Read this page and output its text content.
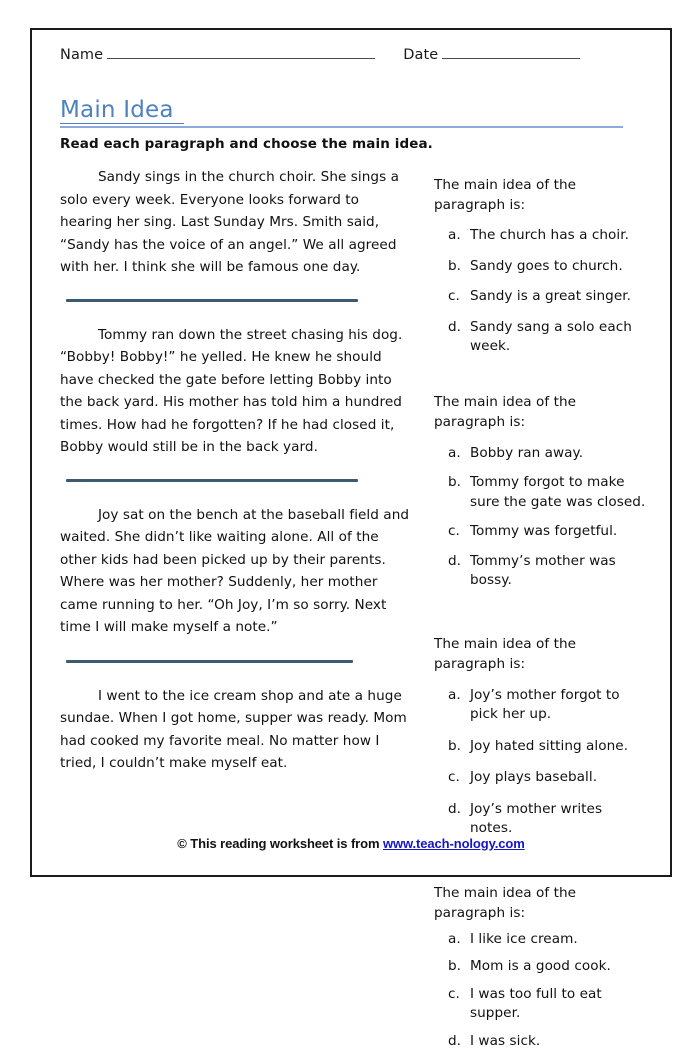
Name	Date
Main Idea
Read each paragraph and choose the main idea.
Sandy sings in the church choir. She sings a solo every week. Everyone looks forward to hearing her sing. Last Sunday Mrs. Smith said, “Sandy has the voice of an angel.” We all agreed with her. I think she will be famous one day.
Tommy ran down the street chasing his dog. “Bobby! Bobby!” he yelled. He knew he should have checked the gate before letting Bobby into the back yard. His mother has told him a hundred times. How had he forgotten? If he had closed it, Bobby would still be in the back yard.
Joy sat on the bench at the baseball field and waited. She didn’t like waiting alone. All of the other kids had been picked up by their parents. Where was her mother? Suddenly, her mother came running to her. “Oh Joy, I’m so sorry. Next time I will make myself a note.”
I went to the ice cream shop and ate a huge sundae. When I got home, supper was ready. Mom had cooked my favorite meal. No matter how I tried, I couldn’t make myself eat.
The main idea of the paragraph is:
a. The church has a choir.
b. Sandy goes to church.
c. Sandy is a great singer.
d. Sandy sang a solo each week.
The main idea of the paragraph is:
a. Bobby ran away.
b. Tommy forgot to make sure the gate was closed.
c. Tommy was forgetful.
d. Tommy’s mother was bossy.
The main idea of the paragraph is:
a. Joy’s mother forgot to pick her up.
b. Joy hated sitting alone.
c. Joy plays baseball.
d. Joy’s mother writes notes.
The main idea of the paragraph is:
a. I like ice cream.
b. Mom is a good cook.
c. I was too full to eat supper.
d. I was sick.
© This reading worksheet is from www.teach-nology.com
